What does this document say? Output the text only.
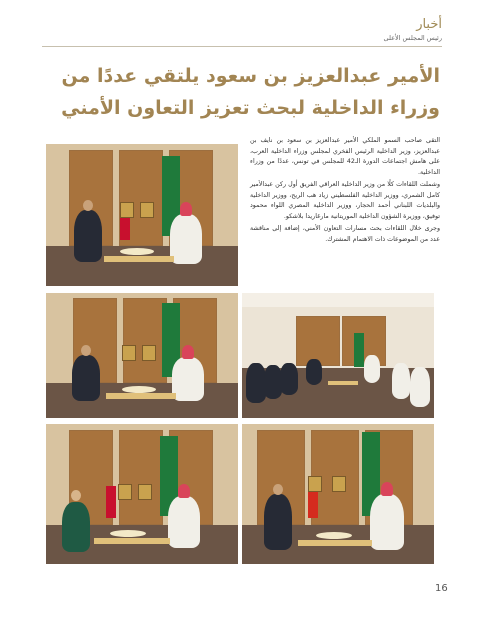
أخبار
رئيس المجلس الأعلى
الأمير عبدالعزيز بن سعود يلتقي عددًا من وزراء الداخلية لبحث تعزيز التعاون الأمني

التقى صاحب السمو الملكي الأمير عبدالعزيز بن سعود بن نايف بن عبدالعزيز، وزير الداخلية الرئيس الفخري لمجلس وزراء الداخلية العرب، على هامش اجتماعات الدورة الـ42 للمجلس في تونس، عددًا من وزراء الداخلية.

وشملت اللقاءات كلًا من وزير الداخلية العراقي الفريق أول ركن عبدالأمير كامل الشمري، ووزير الداخلية الفلسطيني زياد هب الريح، ووزير الداخلية والبلديات اللبناني أحمد الحجار، ووزير الداخلية المصري اللواء محمود توفيق، ووزيرة الشؤون الداخلية الموريتانية مارغاريدا بلاشكو.

وجرى خلال اللقاءات بحث مسارات التعاون الأمني، إضافة إلى مناقشة عدد من الموضوعات ذات الاهتمام المشترك.

16
